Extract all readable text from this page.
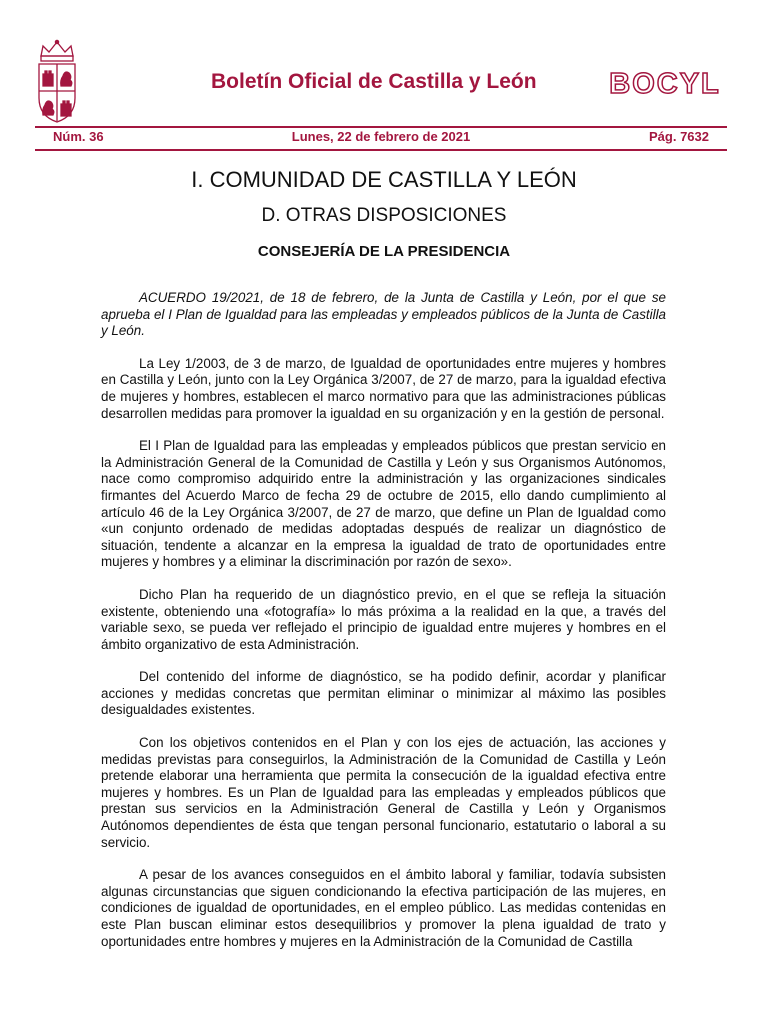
Boletín Oficial de Castilla y León	BOCYL
Núm. 36	Lunes, 22 de febrero de 2021	Pág. 7632
I. COMUNIDAD DE CASTILLA Y LEÓN
D. OTRAS DISPOSICIONES
CONSEJERÍA DE LA PRESIDENCIA

ACUERDO 19/2021, de 18 de febrero, de la Junta de Castilla y León, por el que se aprueba el I Plan de Igualdad para las empleadas y empleados públicos de la Junta de Castilla y León.

La Ley 1/2003, de 3 de marzo, de Igualdad de oportunidades entre mujeres y hombres en Castilla y León, junto con la Ley Orgánica 3/2007, de 27 de marzo, para la igualdad efectiva de mujeres y hombres, establecen el marco normativo para que las administraciones públicas desarrollen medidas para promover la igualdad en su organización y en la gestión de personal.

El I Plan de Igualdad para las empleadas y empleados públicos que prestan servicio en la Administración General de la Comunidad de Castilla y León y sus Organismos Autónomos, nace como compromiso adquirido entre la administración y las organizaciones sindicales firmantes del Acuerdo Marco de fecha 29 de octubre de 2015, ello dando cumplimiento al artículo 46 de la Ley Orgánica 3/2007, de 27 de marzo, que define un Plan de Igualdad como «un conjunto ordenado de medidas adoptadas después de realizar un diagnóstico de situación, tendente a alcanzar en la empresa la igualdad de trato de oportunidades entre mujeres y hombres y a eliminar la discriminación por razón de sexo».

Dicho Plan ha requerido de un diagnóstico previo, en el que se refleja la situación existente, obteniendo una «fotografía» lo más próxima a la realidad en la que, a través del variable sexo, se pueda ver reflejado el principio de igualdad entre mujeres y hombres en el ámbito organizativo de esta Administración.

Del contenido del informe de diagnóstico, se ha podido definir, acordar y planificar acciones y medidas concretas que permitan eliminar o minimizar al máximo las posibles desigualdades existentes.

Con los objetivos contenidos en el Plan y con los ejes de actuación, las acciones y medidas previstas para conseguirlos, la Administración de la Comunidad de Castilla y León pretende elaborar una herramienta que permita la consecución de la igualdad efectiva entre mujeres y hombres. Es un Plan de Igualdad para las empleadas y empleados públicos que prestan sus servicios en la Administración General de Castilla y León y Organismos Autónomos dependientes de ésta que tengan personal funcionario, estatutario o laboral a su servicio.

A pesar de los avances conseguidos en el ámbito laboral y familiar, todavía subsisten algunas circunstancias que siguen condicionando la efectiva participación de las mujeres, en condiciones de igualdad de oportunidades, en el empleo público. Las medidas contenidas en este Plan buscan eliminar estos desequilibrios y promover la plena igualdad de trato y oportunidades entre hombres y mujeres en la Administración de la Comunidad de Castilla
